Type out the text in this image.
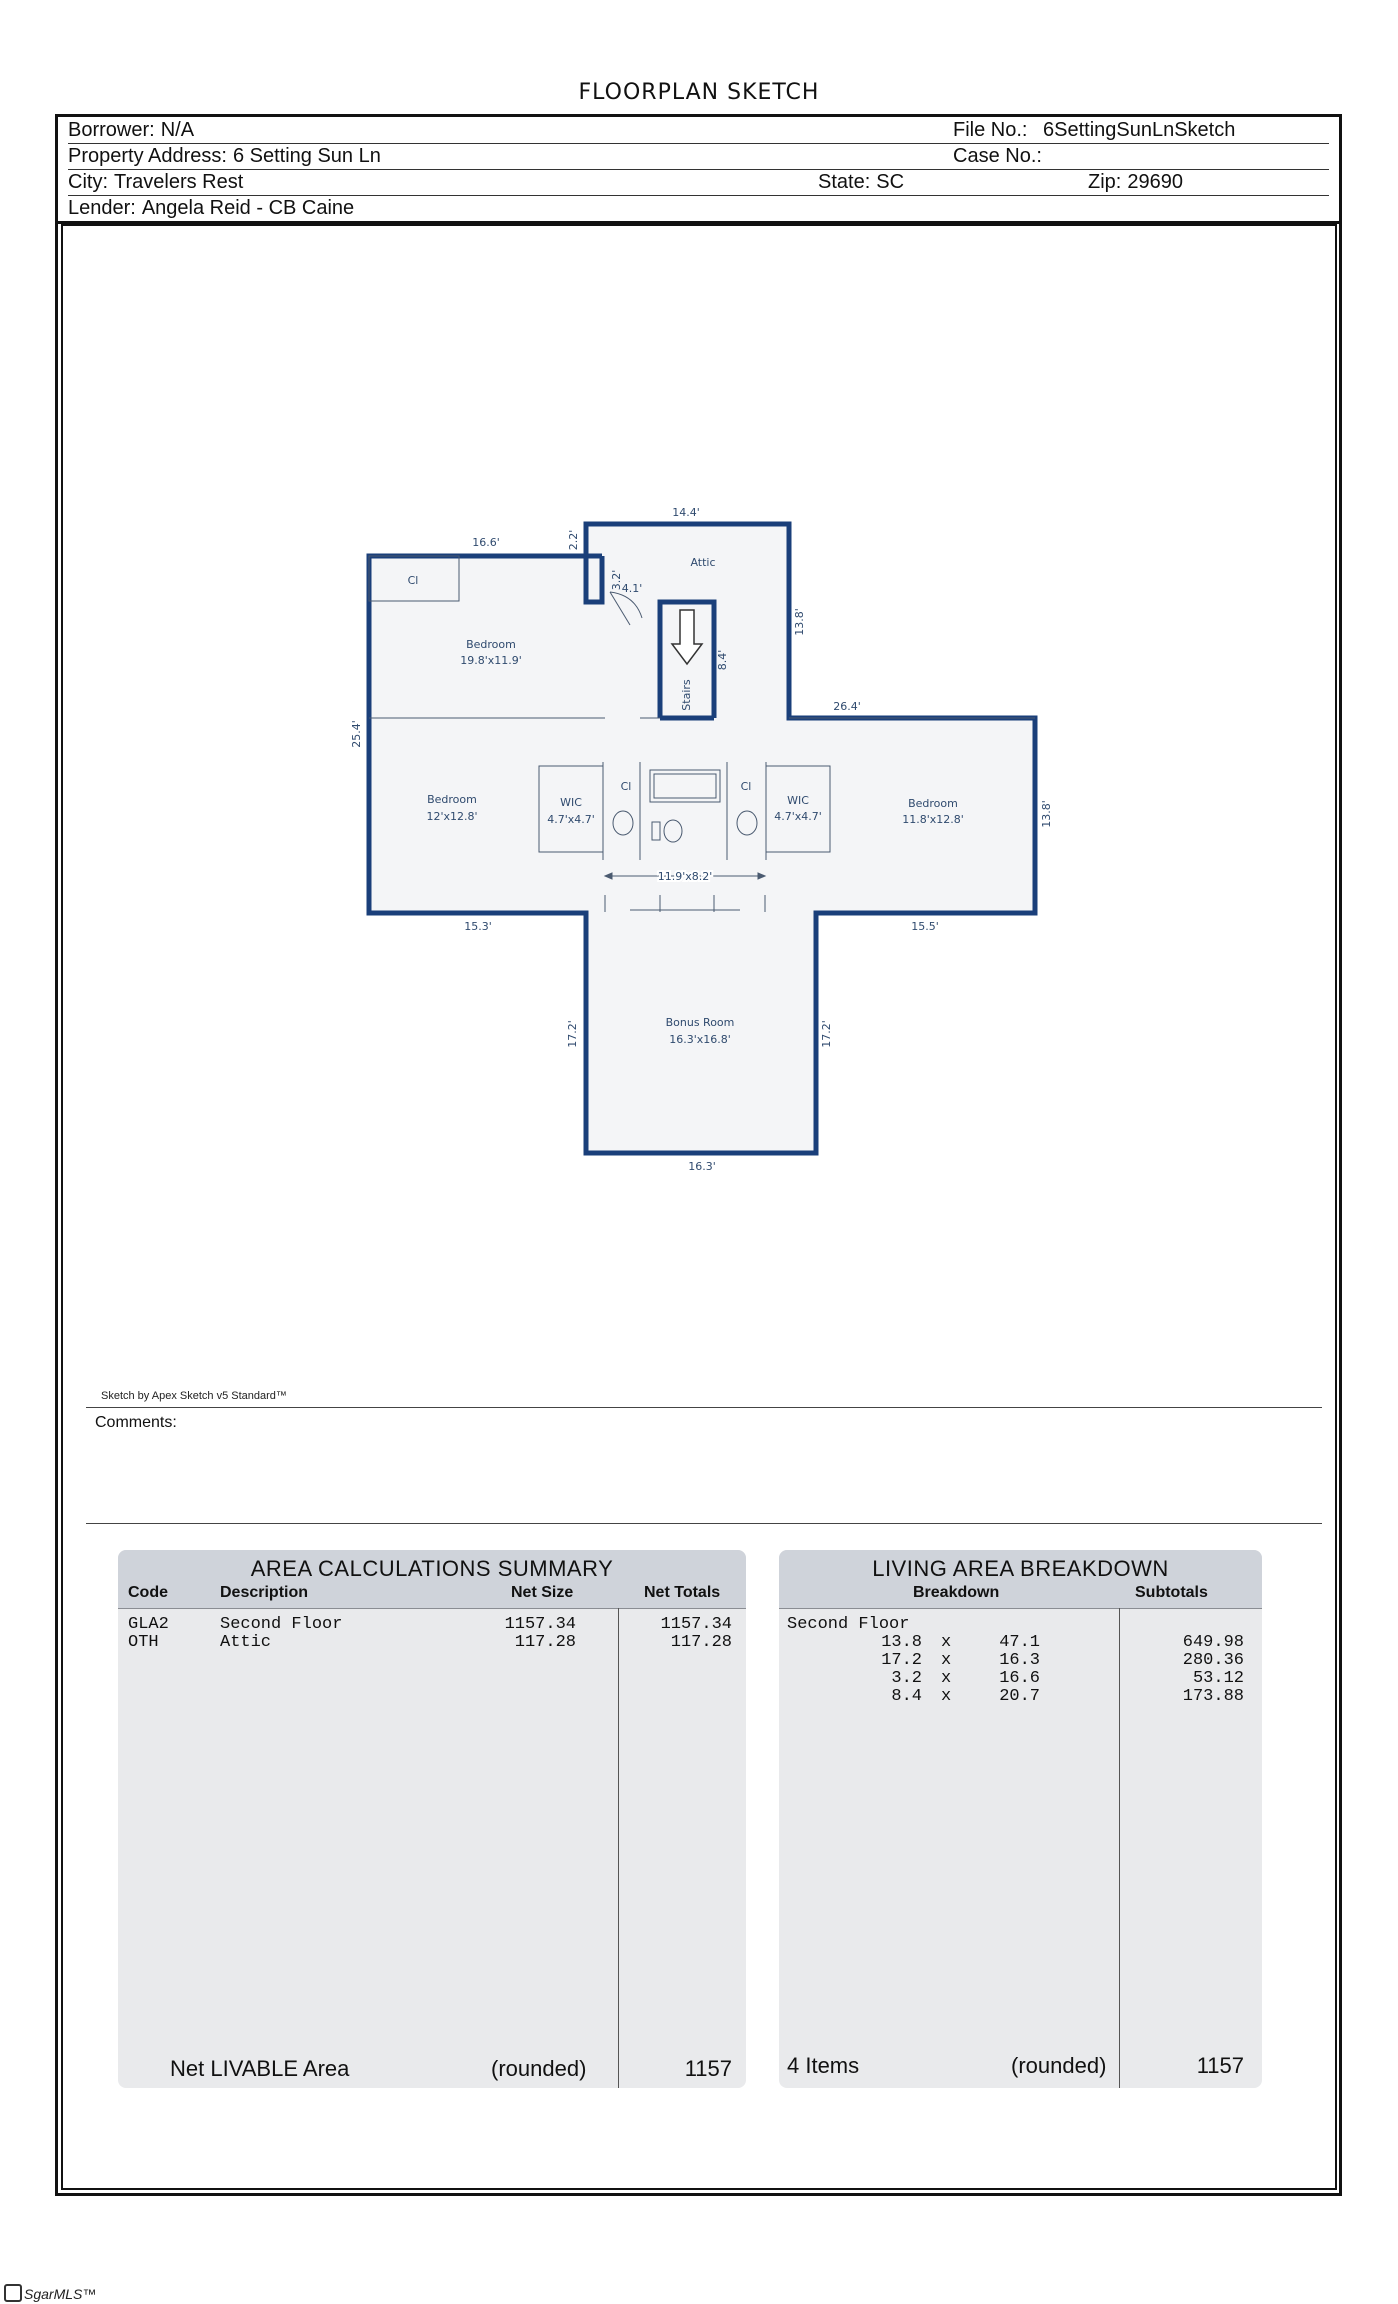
FLOORPLAN SKETCH
Borrower: N/A	File No.: 6SettingSunLnSketch
Property Address: 6 Setting Sun Ln	Case No.:
City: Travelers Rest	State: SC	Zip: 29690
Lender: Angela Reid - CB Caine
14.4'
2.2'
16.6'
3.2'
4.1'
13.8'
8.4'
26.4'
25.4'
13.8'
15.3'	15.5'
17.2'	17.2'
16.3'
11.9'x8.2'
Attic
Stairs
Cl
Bedroom
19.8'x11.9'
Bedroom
12'x12.8'
WIC
4.7'x4.7'
Cl	Cl
WIC
4.7'x4.7'
Bedroom
11.8'x12.8'
Bonus Room
16.3'x16.8'
Sketch by Apex Sketch v5 Standard™
Comments:
AREA CALCULATIONS SUMMARY
Code	Description	Net Size	Net Totals
GLA2	Second Floor	1157.34	1157.34
OTH	Attic	117.28	117.28
Net LIVABLE Area	(rounded)	1157
LIVING AREA BREAKDOWN
Breakdown	Subtotals
Second Floor
13.8 x	47.1	649.98
17.2 x	16.3	280.36
3.2 x	16.6	53.12
8.4 x	20.7	173.88
4 Items	(rounded)	1157
SgarMLS™
